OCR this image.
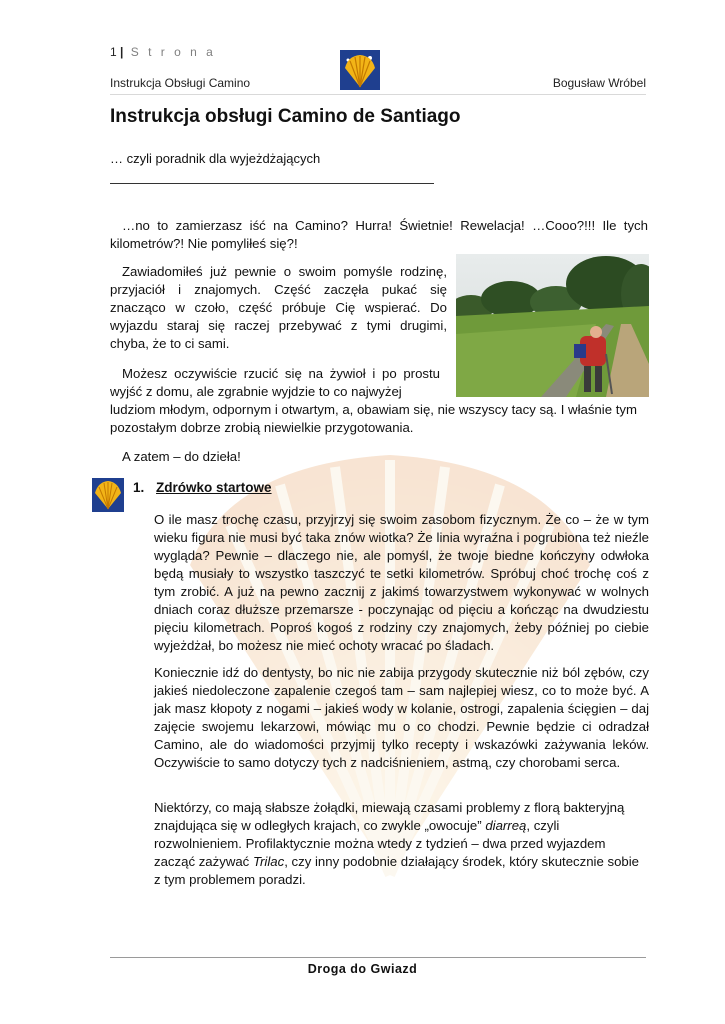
1 | S t r o n a
Instrukcja Obsługi Camino	Bogusław Wróbel
Instrukcja obsługi Camino de Santiago
… czyli poradnik dla wyjeżdżających

…no to zamierzasz iść na Camino? Hurra! Świetnie! Rewelacja! …Cooo?!!! Ile tych kilometrów?! Nie pomyliłeś się?!

Zawiadomiłeś już pewnie o swoim pomyśle rodzinę, przyjaciół i znajomych. Część zaczęła pukać się znacząco w czoło, część próbuje Cię wspierać. Do wyjazdu staraj się raczej przebywać z tymi drugimi, chyba, że to ci sami.

Możesz oczywiście rzucić się na żywioł i po prostu wyjść z domu, ale zgrabnie wyjdzie to co najwyżej

ludziom młodym, odpornym i otwartym, a, obawiam się, nie wszyscy tacy są. I właśnie tym pozostałym dobrze zrobią niewielkie przygotowania.

A zatem – do dzieła!

1. Zdrówko startowe

O ile masz trochę czasu, przyjrzyj się swoim zasobom fizycznym. Że co – że w tym wieku figura nie musi być taka znów wiotka? Że linia wyraźna i pogrubiona też nieźle wygląda? Pewnie – dlaczego nie, ale pomyśl, że twoje biedne kończyny odwłoka będą musiały to wszystko taszczyć te setki kilometrów. Spróbuj choć trochę coś z tym zrobić. A już na pewno zacznij z jakimś towarzystwem wykonywać w wolnych dniach coraz dłuższe przemarsze - poczynając od pięciu a kończąc na dwudziestu pięciu kilometrach. Poproś kogoś z rodziny czy znajomych, żeby później po ciebie wyjeżdżał, bo możesz nie mieć ochoty wracać po śladach.

Koniecznie idź do dentysty, bo nic nie zabija przygody skutecznie niż ból zębów, czy jakieś niedoleczone zapalenie czegoś tam – sam najlepiej wiesz, co to może być. A jak masz kłopoty z nogami – jakieś wody w kolanie, ostrogi, zapalenia ścięgien – daj zajęcie swojemu lekarzowi, mówiąc mu o co chodzi. Pewnie będzie ci odradzał Camino, ale do wiadomości przyjmij tylko recepty i wskazówki zażywania leków. Oczywiście to samo dotyczy tych z nadciśnieniem, astmą, czy chorobami serca.

Niektórzy, co mają słabsze żołądki, miewają czasami problemy z florą bakteryjną znajdująca się w odległych krajach, co zwykle „owocuje” diarreą, czyli rozwolnieniem. Profilaktycznie można wtedy z tydzień – dwa przed wyjazdem zacząć zażywać Trilac, czy inny podobnie działający środek, który skutecznie sobie z tym problemem poradzi.

Droga do Gwiazd
